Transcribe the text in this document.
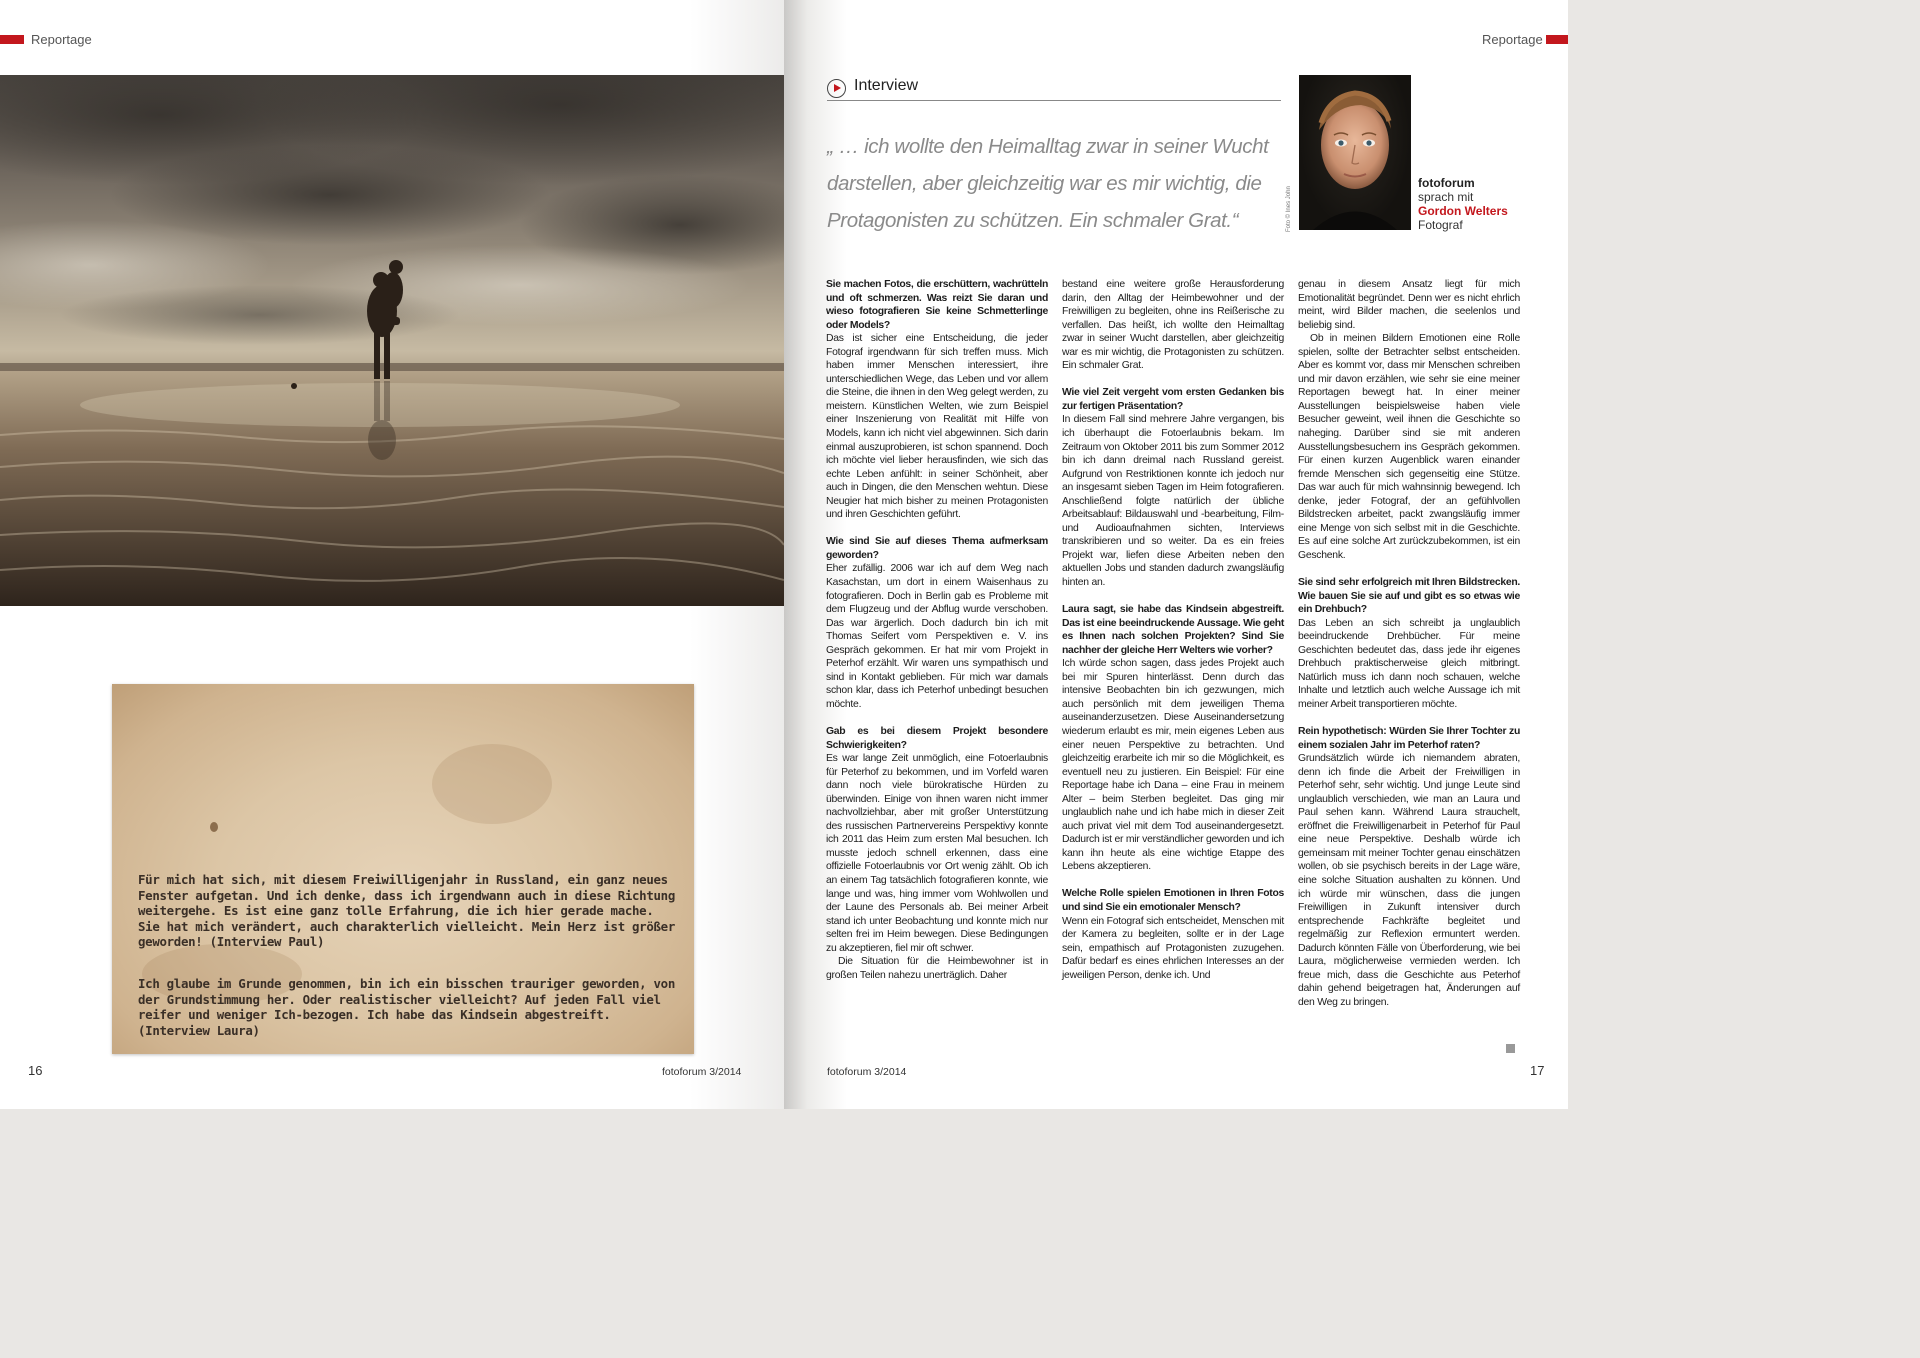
Reportage

Für mich hat sich, mit diesem Freiwilligenjahr in Russland, ein ganz neues Fenster aufgetan. Und ich denke, dass ich irgendwann auch in diese Richtung weitergehe. Es ist eine ganz tolle Erfahrung, die ich hier gerade mache. Sie hat mich verändert, auch charakterlich vielleicht. Mein Herz ist größer geworden! (Interview Paul)

Ich glaube im Grunde genommen, bin ich ein bisschen trauriger geworden, von der Grundstimmung her. Oder realistischer vielleicht? Auf jeden Fall viel reifer und weniger Ich-bezogen. Ich habe das Kindsein abgestreift. (Interview Laura)

16	fotoforum 3/2014
Reportage
Interview

„ … ich wollte den Heimalltag zwar in seiner Wucht darstellen, aber gleichzeitig war es mir wichtig, die Protagonisten zu schützen. Ein schmaler Grat.“	Foto © Ines John
fotoforum
sprach mit
Gordon Welters
Fotograf

Sie machen Fotos, die erschüttern, wachrütteln und oft schmerzen. Was reizt Sie daran und wieso fotografieren Sie keine Schmetterlinge oder Models?

Das ist sicher eine Entscheidung, die jeder Fotograf irgendwann für sich treffen muss. Mich haben immer Menschen interessiert, ihre unterschiedlichen Wege, das Leben und vor allem die Steine, die ihnen in den Weg gelegt werden, zu meistern. Künstlichen Welten, wie zum Beispiel einer Inszenierung von Realität mit Hilfe von Models, kann ich nicht viel abgewinnen. Sich darin einmal auszuprobieren, ist schon spannend. Doch ich möchte viel lieber herausfinden, wie sich das echte Leben anfühlt: in seiner Schönheit, aber auch in Dingen, die den Menschen wehtun. Diese Neugier hat mich bisher zu meinen Protagonisten und ihren Geschichten geführt.

Wie sind Sie auf dieses Thema aufmerksam geworden?

Eher zufällig. 2006 war ich auf dem Weg nach Kasachstan, um dort in einem Waisenhaus zu fotografieren. Doch in Berlin gab es Probleme mit dem Flugzeug und der Abflug wurde verschoben. Das war ärgerlich. Doch dadurch bin ich mit Thomas Seifert vom Perspektiven e. V. ins Gespräch gekommen. Er hat mir vom Projekt in Peterhof erzählt. Wir waren uns sympathisch und sind in Kontakt geblieben. Für mich war damals schon klar, dass ich Peterhof unbedingt besuchen möchte.

Gab es bei diesem Projekt besondere Schwierigkeiten?

Es war lange Zeit unmöglich, eine Fotoerlaubnis für Peterhof zu bekommen, und im Vorfeld waren dann noch viele bürokratische Hürden zu überwinden. Einige von ihnen waren nicht immer nachvollziehbar, aber mit großer Unterstützung des russischen Partnervereins Perspektivy konnte ich 2011 das Heim zum ersten Mal besuchen. Ich musste jedoch schnell erkennen, dass eine offizielle Fotoerlaubnis vor Ort wenig zählt. Ob ich an einem Tag tatsächlich fotografieren konnte, wie lange und was, hing immer vom Wohlwollen und der Laune des Personals ab. Bei meiner Arbeit stand ich unter Beobachtung und konnte mich nur selten frei im Heim bewegen. Diese Bedingungen zu akzeptieren, fiel mir oft schwer.

Die Situation für die Heimbewohner ist in großen Teilen nahezu unerträglich. Daher

bestand eine weitere große Herausforderung darin, den Alltag der Heimbewohner und der Freiwilligen zu begleiten, ohne ins Reißerische zu verfallen. Das heißt, ich wollte den Heimalltag zwar in seiner Wucht darstellen, aber gleichzeitig war es mir wichtig, die Protagonisten zu schützen. Ein schmaler Grat.

Wie viel Zeit vergeht vom ersten Gedanken bis zur fertigen Präsentation?

In diesem Fall sind mehrere Jahre vergangen, bis ich überhaupt die Fotoerlaubnis bekam. Im Zeitraum von Oktober 2011 bis zum Sommer 2012 bin ich dann dreimal nach Russland gereist. Aufgrund von Restriktionen konnte ich jedoch nur an insgesamt sieben Tagen im Heim fotografieren. Anschließend folgte natürlich der übliche Arbeitsablauf: Bildauswahl und -bearbeitung, Film- und Audioaufnahmen sichten, Interviews transkribieren und so weiter. Da es ein freies Projekt war, liefen diese Arbeiten neben den aktuellen Jobs und standen dadurch zwangsläufig hinten an.

Laura sagt, sie habe das Kindsein abgestreift. Das ist eine beeindruckende Aussage. Wie geht es Ihnen nach solchen Projekten? Sind Sie nachher der gleiche Herr Welters wie vorher?

Ich würde schon sagen, dass jedes Projekt auch bei mir Spuren hinterlässt. Denn durch das intensive Beobachten bin ich gezwungen, mich auch persönlich mit dem jeweiligen Thema auseinanderzusetzen. Diese Auseinandersetzung wiederum erlaubt es mir, mein eigenes Leben aus einer neuen Perspektive zu betrachten. Und gleichzeitig erarbeite ich mir so die Möglichkeit, es eventuell neu zu justieren. Ein Beispiel: Für eine Reportage habe ich Dana – eine Frau in meinem Alter – beim Sterben begleitet. Das ging mir unglaublich nahe und ich habe mich in dieser Zeit auch privat viel mit dem Tod auseinandergesetzt. Dadurch ist er mir verständlicher geworden und ich kann ihn heute als eine wichtige Etappe des Lebens akzeptieren.

Welche Rolle spielen Emotionen in Ihren Fotos und sind Sie ein emotionaler Mensch?

Wenn ein Fotograf sich entscheidet, Menschen mit der Kamera zu begleiten, sollte er in der Lage sein, empathisch auf Protagonisten zuzugehen. Dafür bedarf es eines ehrlichen Interesses an der jeweiligen Person, denke ich. Und

genau in diesem Ansatz liegt für mich Emotionalität begründet. Denn wer es nicht ehrlich meint, wird Bilder machen, die seelenlos und beliebig sind.

Ob in meinen Bildern Emotionen eine Rolle spielen, sollte der Betrachter selbst entscheiden. Aber es kommt vor, dass mir Menschen schreiben und mir davon erzählen, wie sehr sie eine meiner Reportagen bewegt hat. In einer meiner Ausstellungen beispielsweise haben viele Besucher geweint, weil ihnen die Geschichte so naheging. Darüber sind sie mit anderen Ausstellungsbesuchern ins Gespräch gekommen. Für einen kurzen Augenblick waren einander fremde Menschen sich gegenseitig eine Stütze. Das war auch für mich wahnsinnig bewegend. Ich denke, jeder Fotograf, der an gefühlvollen Bildstrecken arbeitet, packt zwangsläufig immer eine Menge von sich selbst mit in die Geschichte. Es auf eine solche Art zurückzubekommen, ist ein Geschenk.

Sie sind sehr erfolgreich mit Ihren Bildstrecken. Wie bauen Sie sie auf und gibt es so etwas wie ein Drehbuch?

Das Leben an sich schreibt ja unglaublich beeindruckende Drehbücher. Für meine Geschichten bedeutet das, dass jede ihr eigenes Drehbuch praktischerweise gleich mitbringt. Natürlich muss ich dann noch schauen, welche Inhalte und letztlich auch welche Aussage ich mit meiner Arbeit transportieren möchte.

Rein hypothetisch: Würden Sie Ihrer Tochter zu einem sozialen Jahr im Peterhof raten?

Grundsätzlich würde ich niemandem abraten, denn ich finde die Arbeit der Freiwilligen in Peterhof sehr, sehr wichtig. Und junge Leute sind unglaublich verschieden, wie man an Laura und Paul sehen kann. Während Laura strauchelt, eröffnet die Freiwilligenarbeit in Peterhof für Paul eine neue Perspektive. Deshalb würde ich gemeinsam mit meiner Tochter genau einschätzen wollen, ob sie psychisch bereits in der Lage wäre, eine solche Situation aushalten zu können. Und ich würde mir wünschen, dass die jungen Freiwilligen in Zukunft intensiver durch entsprechende Fachkräfte begleitet und regelmäßig zur Reflexion ermuntert werden. Dadurch könnten Fälle von Überforderung, wie bei Laura, möglicherweise vermieden werden. Ich freue mich, dass die Geschichte aus Peterhof dahin gehend beigetragen hat, Änderungen auf den Weg zu bringen.

fotoforum 3/2014	17
